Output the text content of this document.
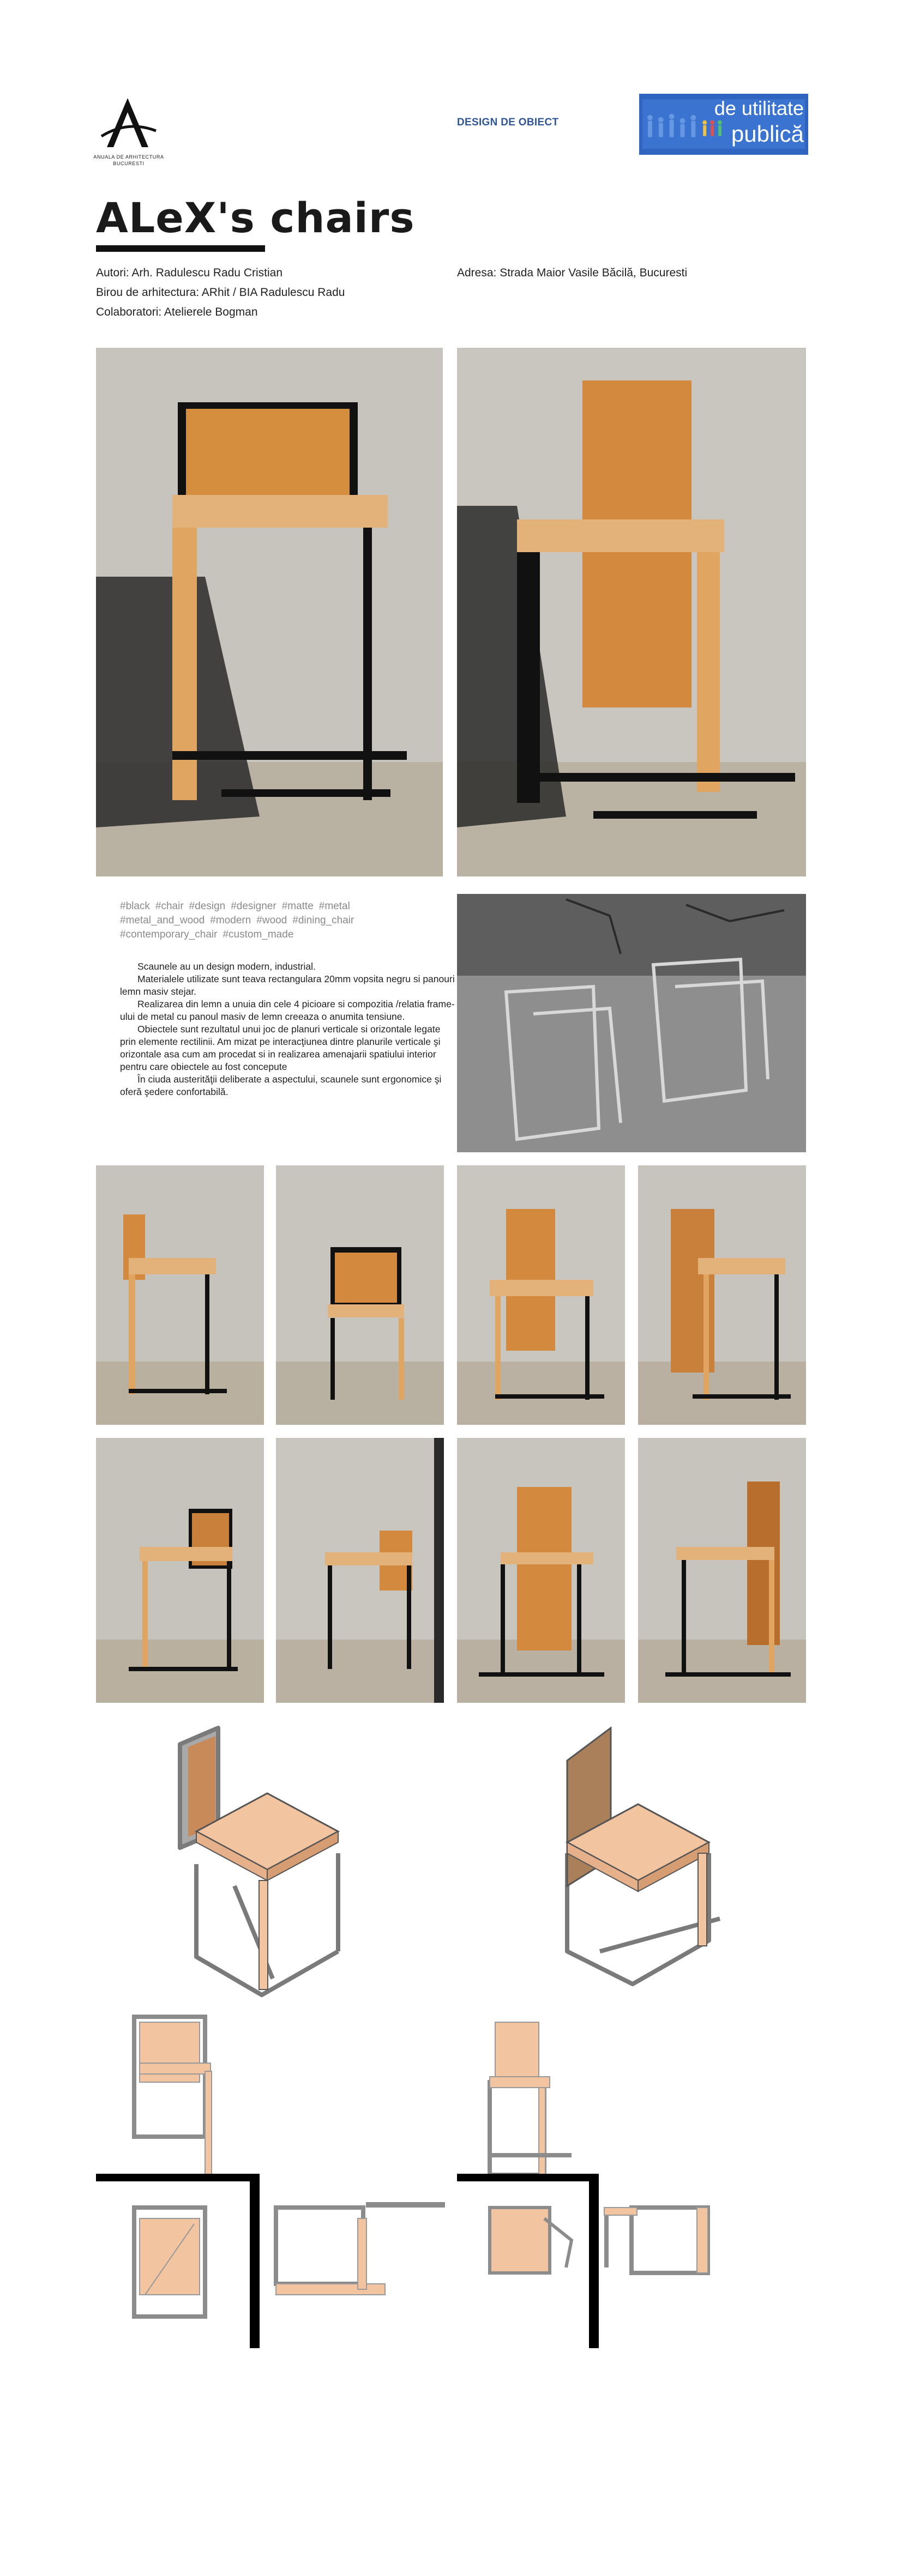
ANUALA DE ARHITECTURA BUCURESTI
DESIGN DE OBIECT
de utilitate
publică
ALeX's chairs
Autori: Arh. Radulescu Radu Cristian
Birou de arhitectura: ARhit / BIA Radulescu Radu
Colaboratori: Atelierele Bogman
Adresa: Strada Maior Vasile Băcilă, Bucuresti
#black #chair #design #designer #matte #metal #metal_and_wood #modern #wood #dining_chair #contemporary_chair #custom_made

Scaunele au un design modern, industrial.

Materialele utilizate sunt teava rectangulara 20mm vopsita negru si panouri lemn masiv stejar.

Realizarea din lemn a unuia din cele 4 picioare si compozitia /relatia frame-ului de metal cu panoul masiv de lemn creeaza o anumita tensiune.

Obiectele sunt rezultatul unui joc de planuri verticale si orizontale legate prin elemente rectilinii. Am mizat pe interacţiunea dintre planurile verticale şi orizontale asa cum am procedat si in realizarea amenajarii spatiului interior pentru care obiectele au fost concepute

În ciuda austerităţii deliberate a aspectului, scaunele sunt ergonomice şi oferă şedere confortabilă.
